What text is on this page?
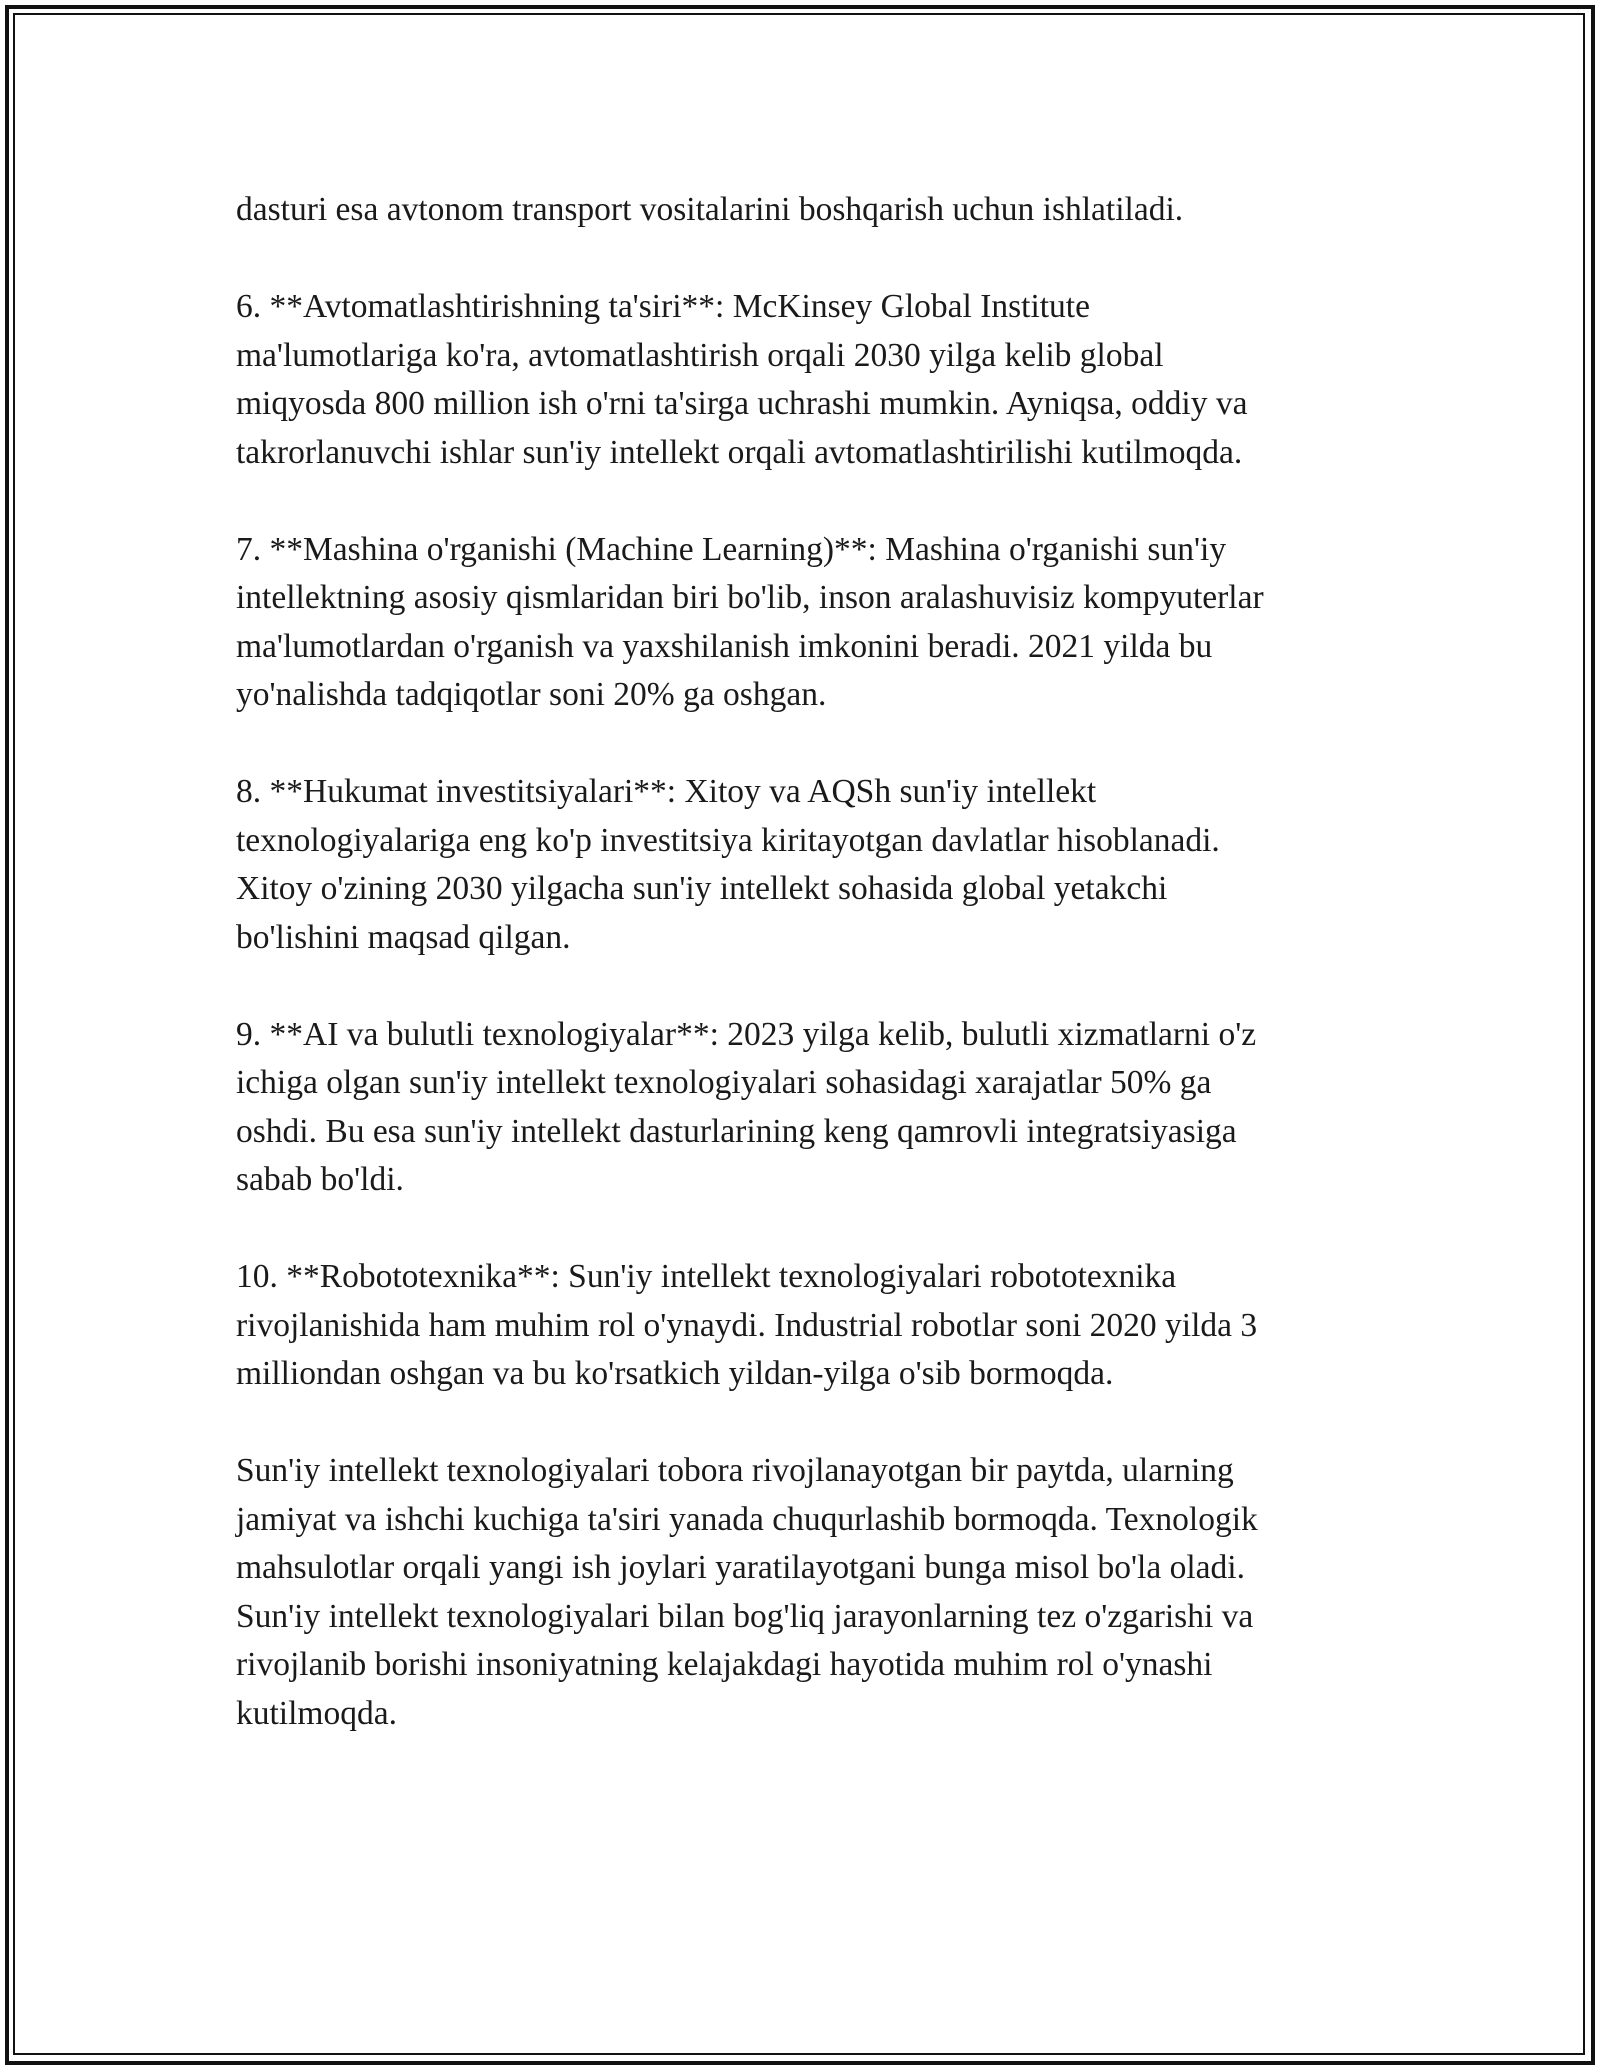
dasturi esa avtonom transport vositalarini boshqarish uchun ishlatiladi.

6. **Avtomatlashtirishning ta'siri**: McKinsey Global Institute
ma'lumotlariga ko'ra, avtomatlashtirish orqali 2030 yilga kelib global
miqyosda 800 million ish o'rni ta'sirga uchrashi mumkin. Ayniqsa, oddiy va
takrorlanuvchi ishlar sun'iy intellekt orqali avtomatlashtirilishi kutilmoqda.

7. **Mashina o'rganishi (Machine Learning)**: Mashina o'rganishi sun'iy
intellektning asosiy qismlaridan biri bo'lib, inson aralashuvisiz kompyuterlar
ma'lumotlardan o'rganish va yaxshilanish imkonini beradi. 2021 yilda bu
yo'nalishda tadqiqotlar soni 20% ga oshgan.

8. **Hukumat investitsiyalari**: Xitoy va AQSh sun'iy intellekt
texnologiyalariga eng ko'p investitsiya kiritayotgan davlatlar hisoblanadi.
Xitoy o'zining 2030 yilgacha sun'iy intellekt sohasida global yetakchi
bo'lishini maqsad qilgan.

9. **AI va bulutli texnologiyalar**: 2023 yilga kelib, bulutli xizmatlarni o'z
ichiga olgan sun'iy intellekt texnologiyalari sohasidagi xarajatlar 50% ga
oshdi. Bu esa sun'iy intellekt dasturlarining keng qamrovli integratsiyasiga
sabab bo'ldi.

10. **Robototexnika**: Sun'iy intellekt texnologiyalari robototexnika
rivojlanishida ham muhim rol o'ynaydi. Industrial robotlar soni 2020 yilda 3
milliondan oshgan va bu ko'rsatkich yildan-yilga o'sib bormoqda.

Sun'iy intellekt texnologiyalari tobora rivojlanayotgan bir paytda, ularning
jamiyat va ishchi kuchiga ta'siri yanada chuqurlashib bormoqda. Texnologik
mahsulotlar orqali yangi ish joylari yaratilayotgani bunga misol bo'la oladi.
Sun'iy intellekt texnologiyalari bilan bog'liq jarayonlarning tez o'zgarishi va
rivojlanib borishi insoniyatning kelajakdagi hayotida muhim rol o'ynashi
kutilmoqda.
